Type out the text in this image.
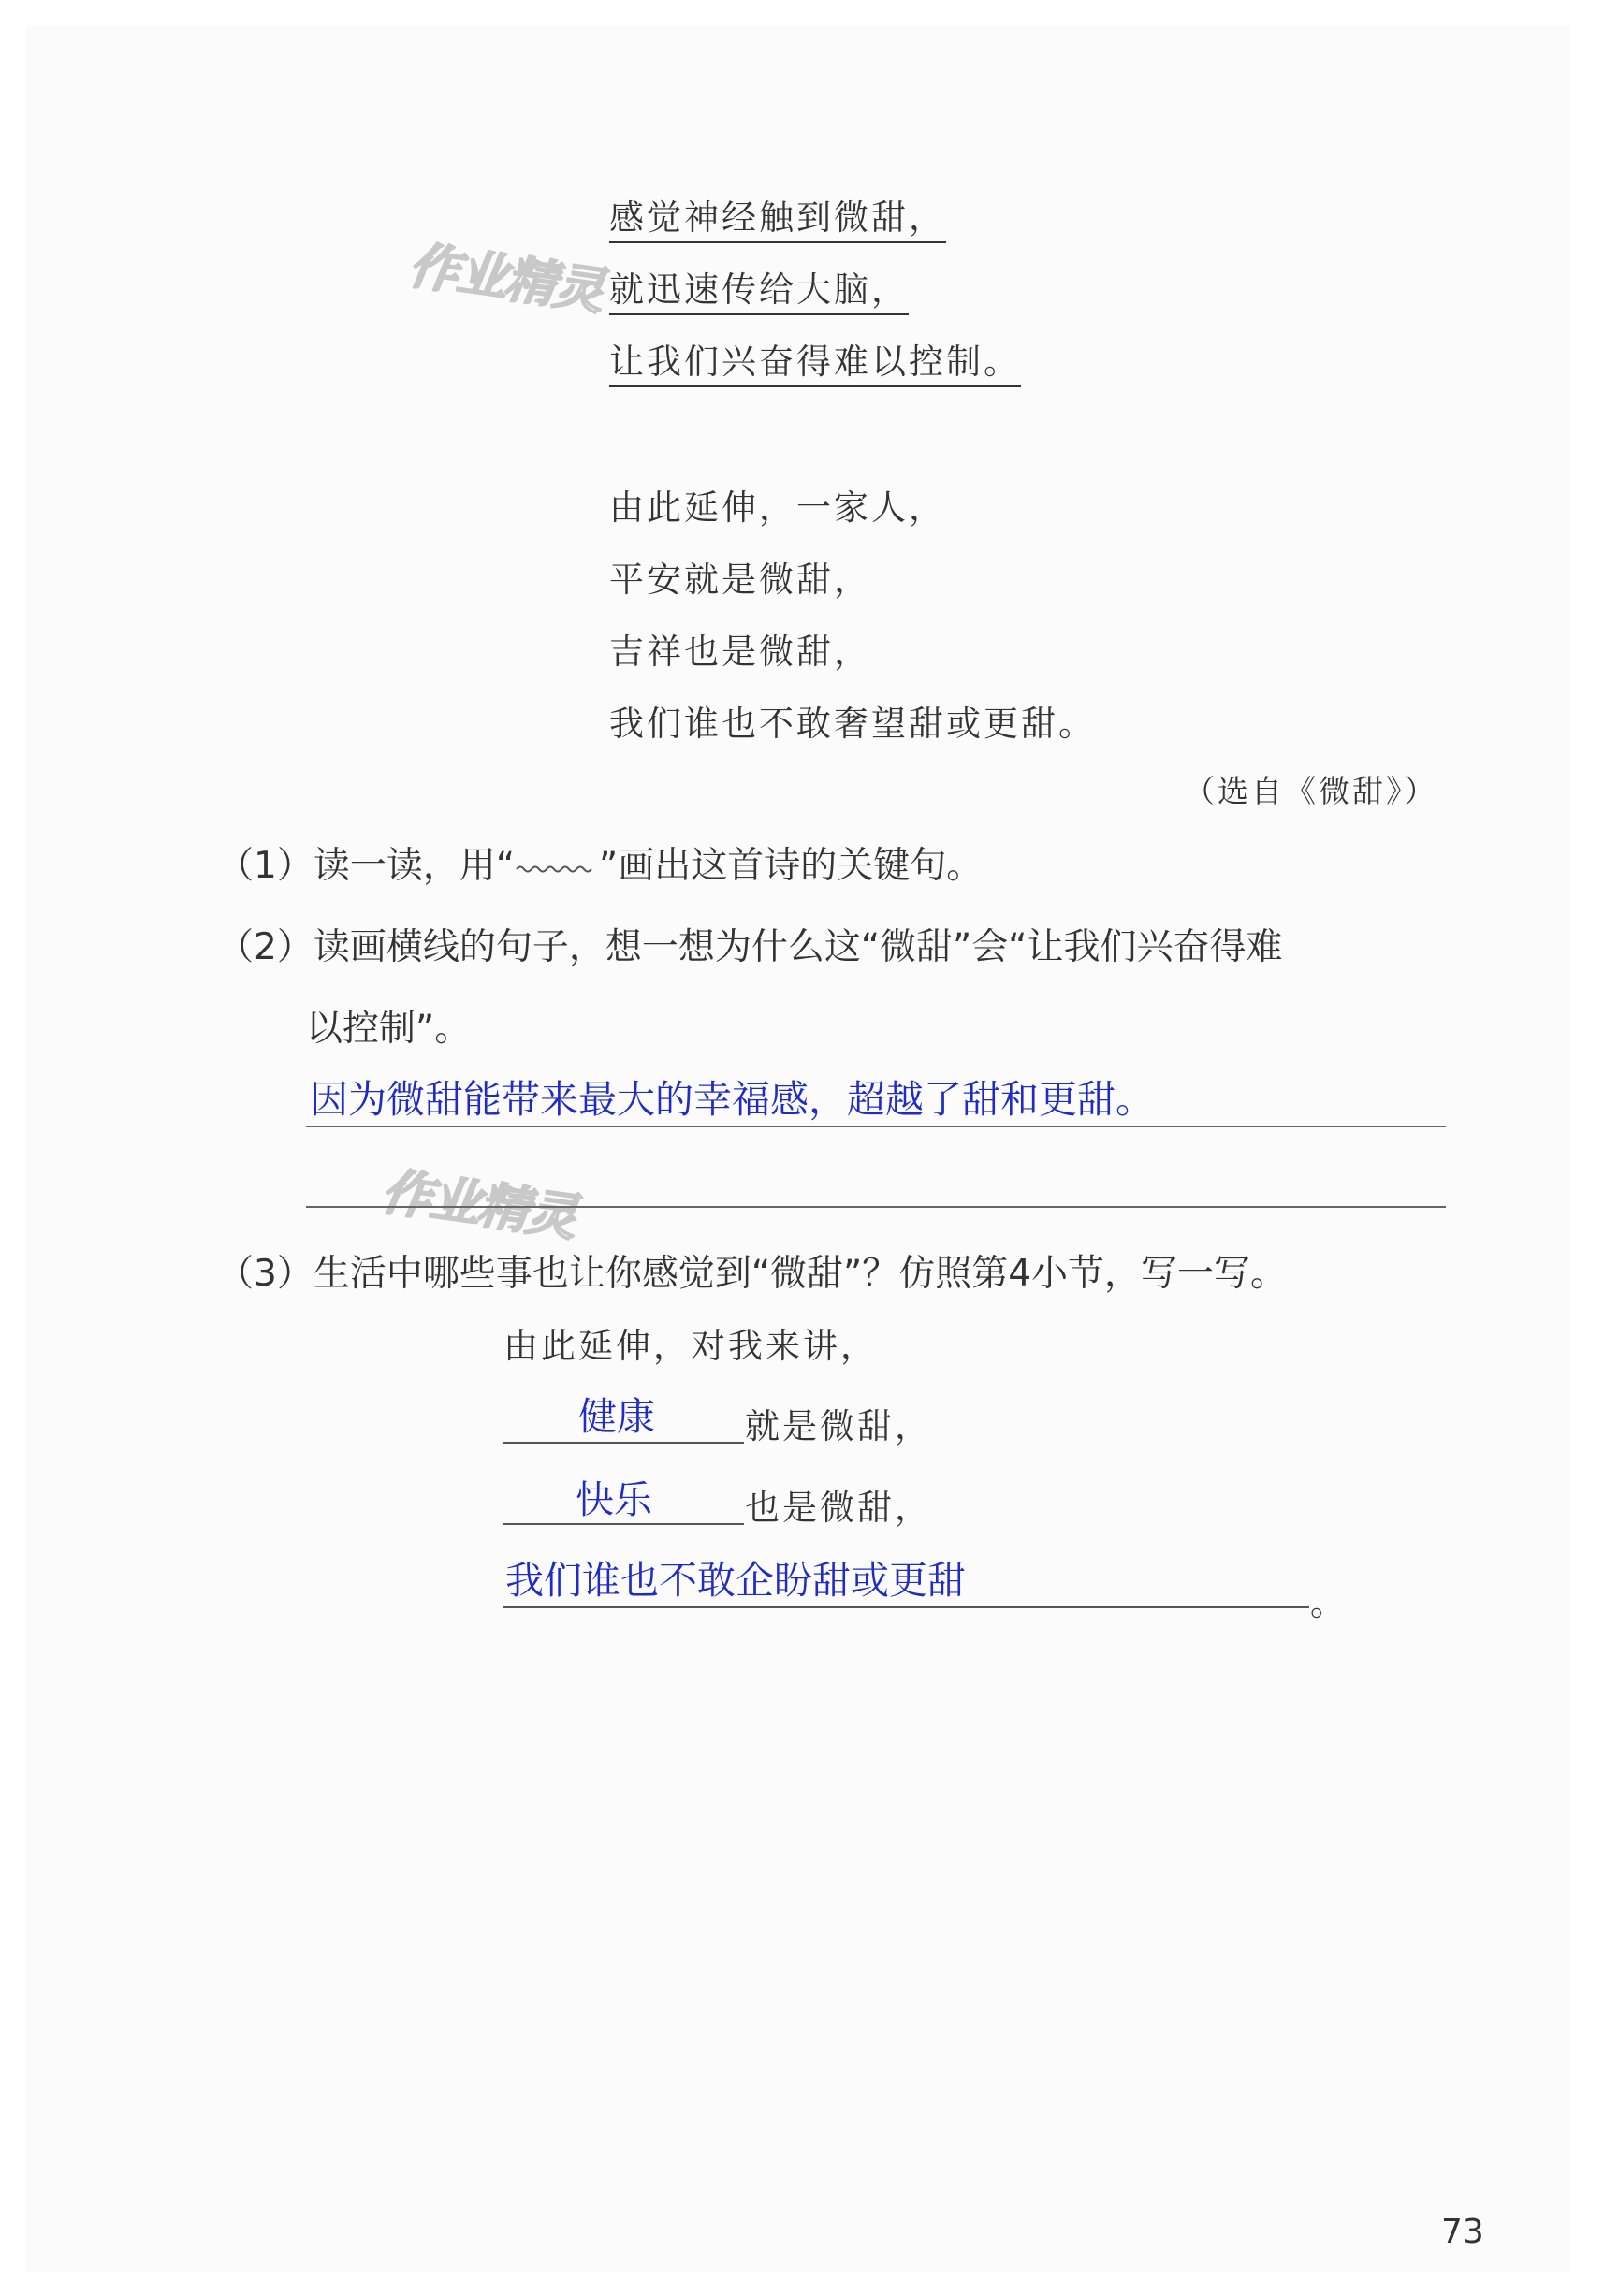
作业精灵
作业精灵
感觉神经触到微甜，
就迅速传给大脑，
让我们兴奋得难以控制。
由此延伸，一家人，
平安就是微甜，
吉祥也是微甜，
我们谁也不敢奢望甜或更甜。
（选自《微甜》）
（1）读一读，用“ ”画出这首诗的关键句。
（2）读画横线的句子，想一想为什么这“微甜”会“让我们兴奋得难
以控制”。
因为微甜能带来最大的幸福感，超越了甜和更甜。
（3）生活中哪些事也让你感觉到“微甜”？仿照第4小节，写一写。
由此延伸，对我来讲，
健康	就是微甜，
快乐	也是微甜，
我们谁也不敢企盼甜或更甜
。
73
